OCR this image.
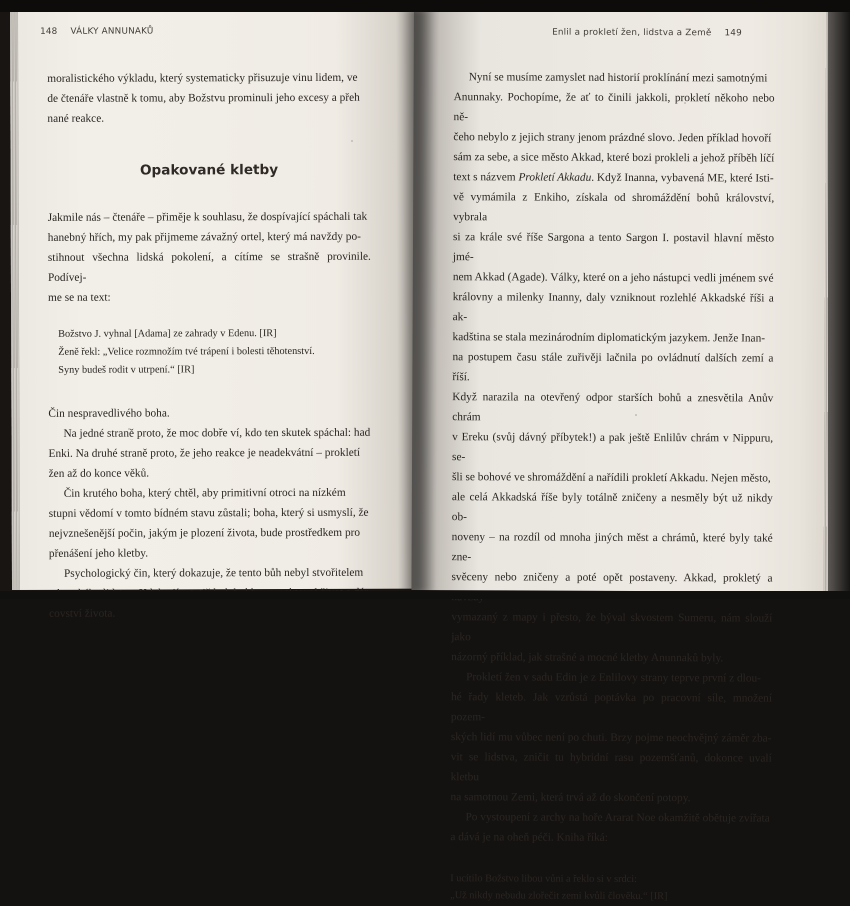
148 VÁLKY ANNUNAKŮ

moralistického výkladu, který systematicky přisuzuje vinu lidem, ve

de čtenáře vlastně k tomu, aby Božstvu prominuli jeho excesy a přeh

nané reakce.

Opakované kletby

Jakmile nás – čtenáře – přiměje k souhlasu, že dospívající spáchali tak

hanebný hřích, my pak přijmeme závažný ortel, který má navždy po-

stihnout všechna lidská pokolení, a cítíme se strašně provinile. Podívej-

me se na text:

Božstvo J. vyhnal [Adama] ze zahrady v Edenu. [IR]
Ženě řekl: „Velice rozmnožím tvé trápení i bolesti těhotenství.
Syny budeš rodit v utrpení.“ [IR]

Čin nespravedlivého boha.

Na jedné straně proto, že moc dobře ví, kdo ten skutek spáchal: had

Enki. Na druhé straně proto, že jeho reakce je neadekvátní – prokletí

žen až do konce věků.

Čin krutého boha, který chtěl, aby primitivní otroci na nízkém

stupni vědomí v tomto bídném stavu zůstali; boha, který si usmyslí, že

nejvznešenější počin, jakým je plození života, bude prostředkem pro

přenášení jeho kletby.

Psychologický čin, který dokazuje, že tento bůh nebyl stvořitelem

covství života.

Enlil a prokletí žen, lidstva a Země 149

Nyní se musíme zamyslet nad historií proklínání mezi samotnými

Anunnaky. Pochopíme, že ať to činili jakkoli, prokletí někoho nebo ně-

čeho nebylo z jejich strany jenom prázdné slovo. Jeden příklad hovoří

sám za sebe, a sice město Akkad, které bozi prokleli a jehož příběh líčí

text s názvem Prokletí Akkadu. Když Inanna, vybavená ME, které Isti-

vě vymámila z Enkiho, získala od shromáždění bohů království, vybrala

si za krále své říše Sargona a tento Sargon I. postavil hlavní město jmé-

nem Akkad (Agade). Války, které on a jeho nástupci vedli jménem své

královny a milenky Inanny, daly vzniknout rozlehlé Akkadské říši a ak-

kadština se stala mezinárodním diplomatickým jazykem. Jenže Inan-

na postupem času stále zuřivěji lačnila po ovládnutí dalších zemí a říší.

Když narazila na otevřený odpor starších bohů a znesvětila Anův chrám

v Ereku (svůj dávný příbytek!) a pak ještě Enlilův chrám v Nippuru, se-

šli se bohové ve shromáždění a nařídili prokletí Akkadu. Nejen město,

ale celá Akkadská říše byly totálně zničeny a nesměly být už nikdy ob-

noveny – na rozdíl od mnoha jiných měst a chrámů, které byly také zne-

svěceny nebo zničeny a poté opět postaveny. Akkad, prokletý a

vymazaný z mapy i přesto, že býval skvostem Sumeru, nám slouží jako

názorný příklad, jak strašné a mocné kletby Anunnaků byly.

Prokletí žen v sadu Edin je z Enlilovy strany teprve první z dlou-

hé řady kleteb. Jak vzrůstá poptávka po pracovní síle, množení pozem-

ských lidí mu vůbec není po chuti. Brzy pojme neochvějný záměr zba-

vit se lidstva, zničit tu hybridní rasu pozemšťanů, dokonce uvalí kletbu

na samotnou Zemi, která trvá až do skončení potopy.

Po vystoupení z archy na hoře Ararat Noe okamžitě obětuje zvířata

a dává je na oheň péči. Kniha říká:

I ucítilo Božstvo libou vůni a řeklo si v srdci:
„Už nikdy nebudu zlořečit zemi kvůli člověku.“ [IR]
